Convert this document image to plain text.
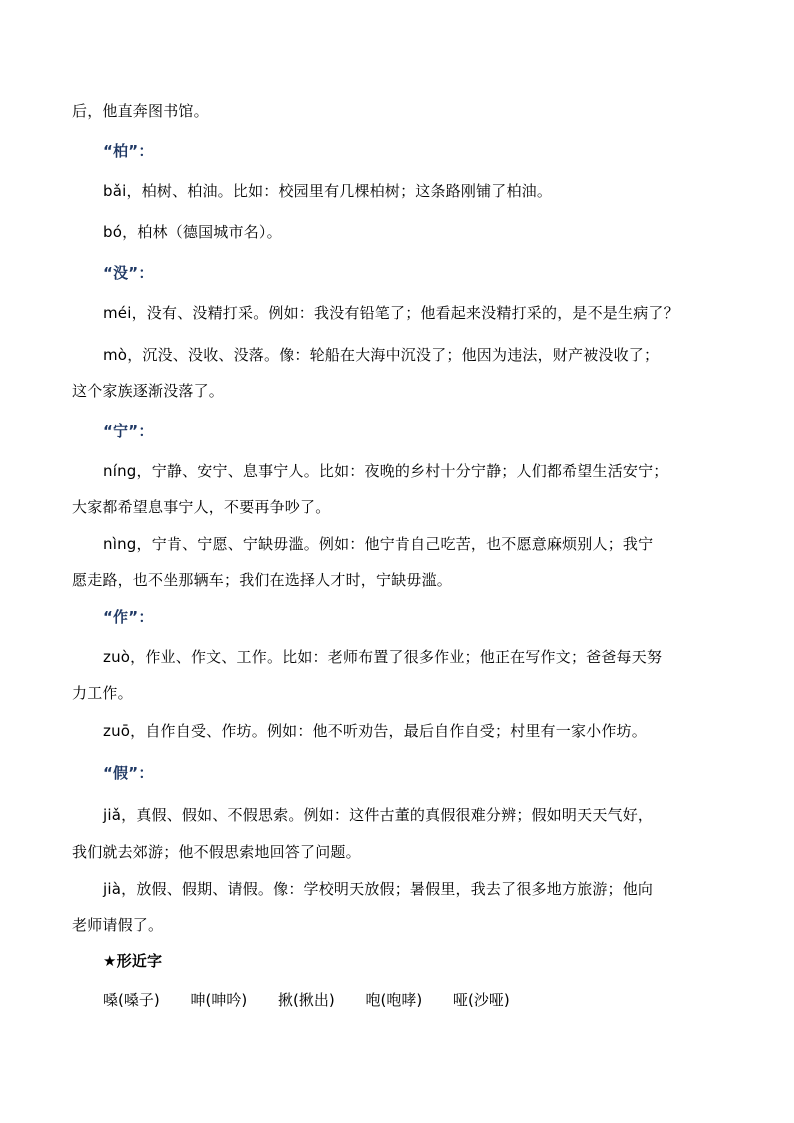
后，他直奔图书馆。
“柏”：
bǎi，柏树、柏油。比如：校园里有几棵柏树；这条路刚铺了柏油。
bó，柏林（德国城市名）。
“没”：
méi，没有、没精打采。例如：我没有铅笔了；他看起来没精打采的，是不是生病了？
mò，沉没、没收、没落。像：轮船在大海中沉没了；他因为违法，财产被没收了；
这个家族逐渐没落了。
“宁”：
níng，宁静、安宁、息事宁人。比如：夜晚的乡村十分宁静；人们都希望生活安宁；
大家都希望息事宁人，不要再争吵了。
nìng，宁肯、宁愿、宁缺毋滥。例如：他宁肯自己吃苦，也不愿意麻烦别人；我宁
愿走路，也不坐那辆车；我们在选择人才时，宁缺毋滥。
“作”：
zuò，作业、作文、工作。比如：老师布置了很多作业；他正在写作文；爸爸每天努
力工作。
zuō，自作自受、作坊。例如：他不听劝告，最后自作自受；村里有一家小作坊。
“假”：
jiǎ，真假、假如、不假思索。例如：这件古董的真假很难分辨；假如明天天气好，
我们就去郊游；他不假思索地回答了问题。
jià，放假、假期、请假。像：学校明天放假；暑假里，我去了很多地方旅游；他向
老师请假了。
★形近字
嗓(嗓子) 呻(呻吟) 揪(揪出) 咆(咆哮) 哑(沙哑)
